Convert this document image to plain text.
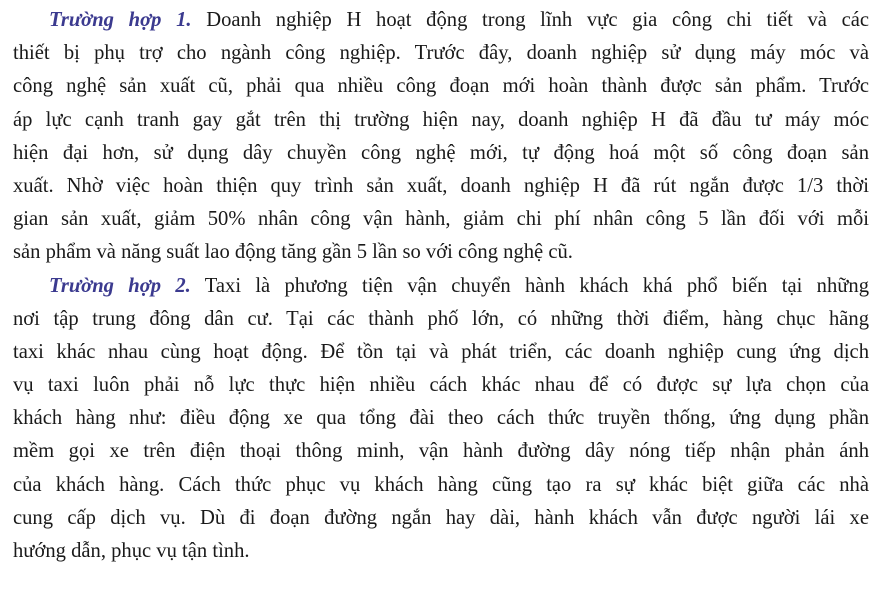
Trường hợp 1. Doanh nghiệp H hoạt động trong lĩnh vực gia công chi tiết và các
thiết bị phụ trợ cho ngành công nghiệp. Trước đây, doanh nghiệp sử dụng máy móc và
công nghệ sản xuất cũ, phải qua nhiều công đoạn mới hoàn thành được sản phẩm. Trước
áp lực cạnh tranh gay gắt trên thị trường hiện nay, doanh nghiệp H đã đầu tư máy móc
hiện đại hơn, sử dụng dây chuyền công nghệ mới, tự động hoá một số công đoạn sản
xuất. Nhờ việc hoàn thiện quy trình sản xuất, doanh nghiệp H đã rút ngắn được 1/3 thời
gian sản xuất, giảm 50% nhân công vận hành, giảm chi phí nhân công 5 lần đối với mỗi
sản phẩm và năng suất lao động tăng gần 5 lần so với công nghệ cũ.
Trường hợp 2. Taxi là phương tiện vận chuyển hành khách khá phổ biến tại những
nơi tập trung đông dân cư. Tại các thành phố lớn, có những thời điểm, hàng chục hãng
taxi khác nhau cùng hoạt động. Để tồn tại và phát triển, các doanh nghiệp cung ứng dịch
vụ taxi luôn phải nỗ lực thực hiện nhiều cách khác nhau để có được sự lựa chọn của
khách hàng như: điều động xe qua tổng đài theo cách thức truyền thống, ứng dụng phần
mềm gọi xe trên điện thoại thông minh, vận hành đường dây nóng tiếp nhận phản ánh
của khách hàng. Cách thức phục vụ khách hàng cũng tạo ra sự khác biệt giữa các nhà
cung cấp dịch vụ. Dù đi đoạn đường ngắn hay dài, hành khách vẫn được người lái xe
hướng dẫn, phục vụ tận tình.
